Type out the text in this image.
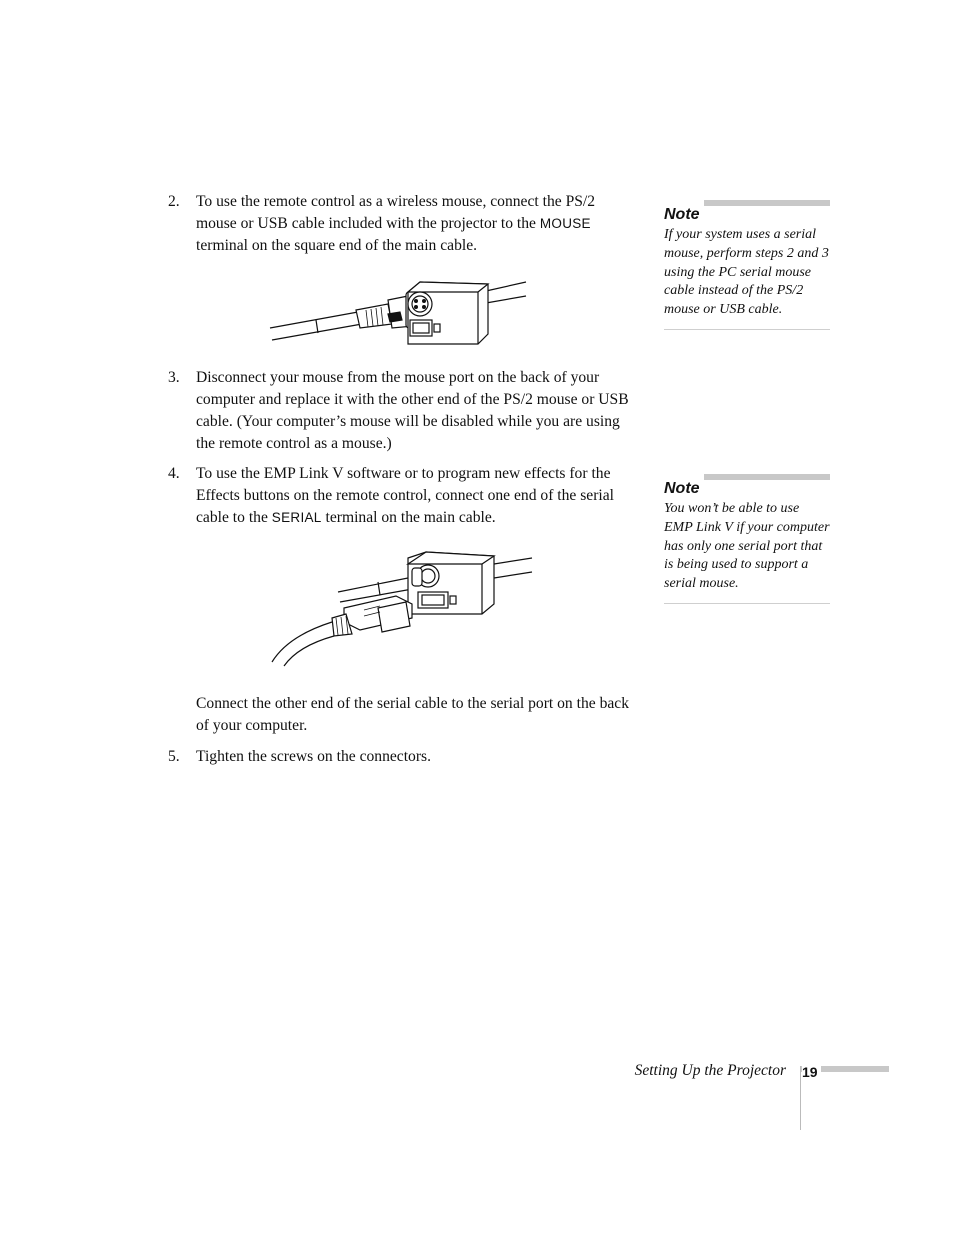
2. To use the remote control as a wireless mouse, connect the PS/2 mouse or USB cable included with the projector to the MOUSE terminal on the square end of the main cable.
3. Disconnect your mouse from the mouse port on the back of your computer and replace it with the other end of the PS/2 mouse or USB cable. (Your computer’s mouse will be disabled while you are using the remote control as a mouse.)
4. To use the EMP Link V software or to program new effects for the Effects buttons on the remote control, connect one end of the serial cable to the SERIAL terminal on the main cable.
Connect the other end of the serial cable to the serial port on the back of your computer.
5. Tighten the screws on the connectors.
Note
If your system uses a serial mouse, perform steps 2 and 3 using the PC serial mouse cable instead of the PS/2 mouse or USB cable.
Note
You won’t be able to use EMP Link V if your computer has only one serial port that is being used to support a serial mouse.
Setting Up the Projector 19
